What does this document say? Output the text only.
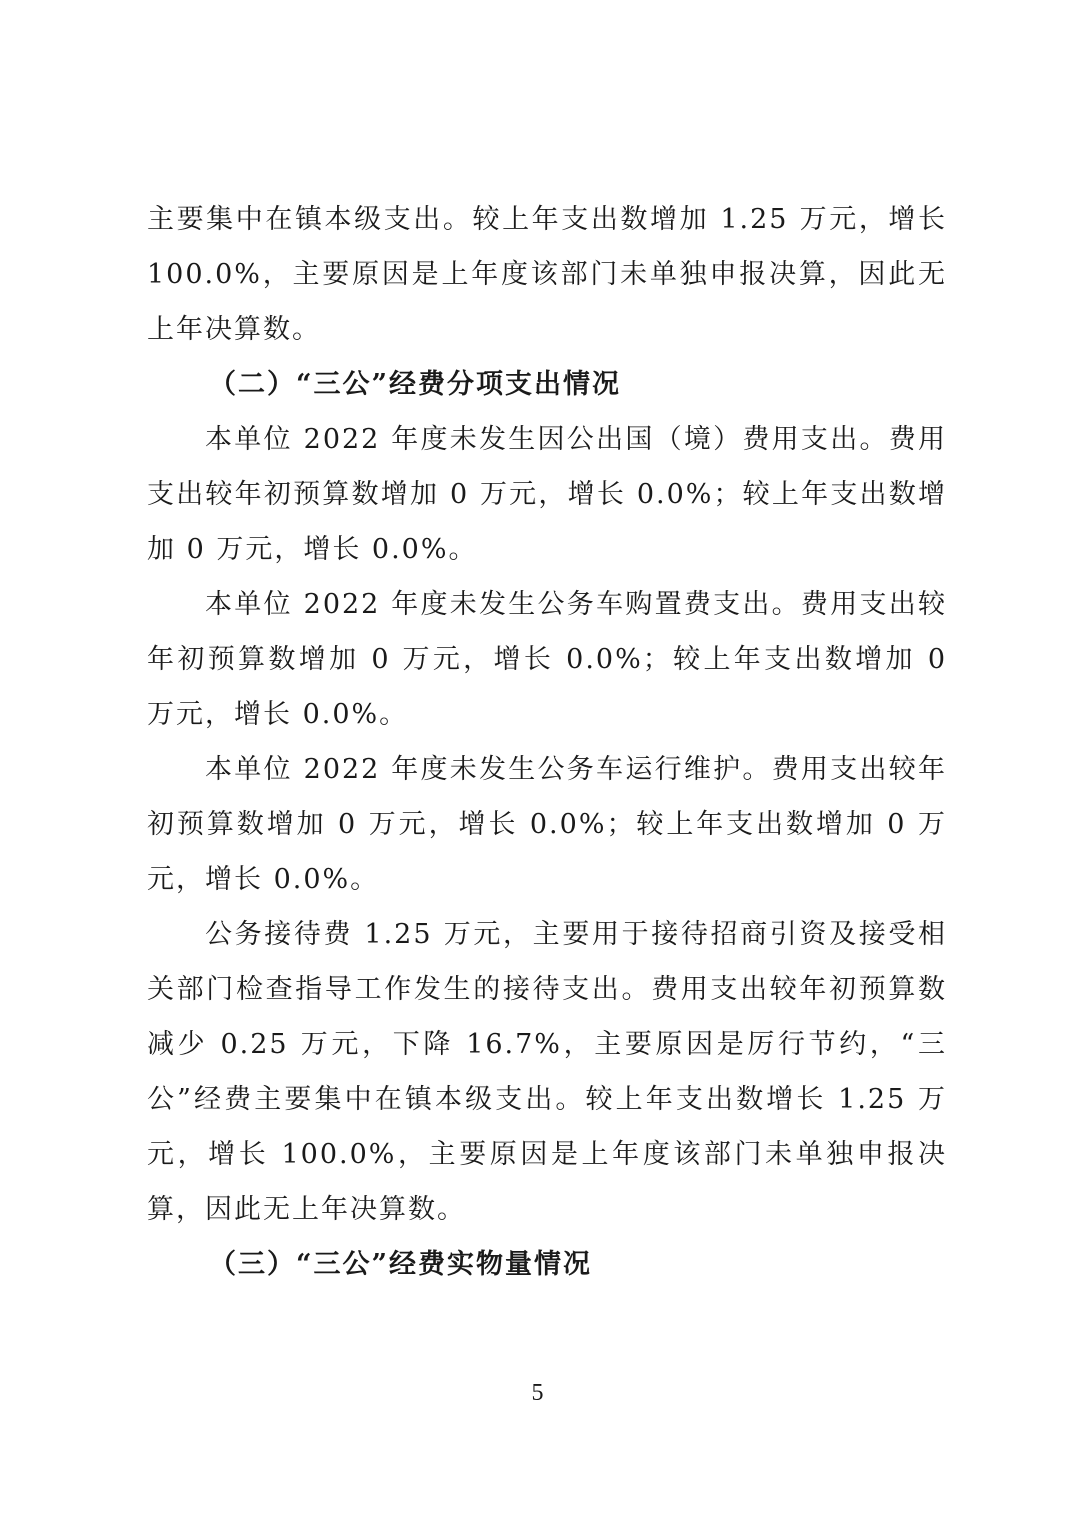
主要集中在镇本级支出。较上年支出数增加 1.25 万元，增长 100.0%，主要原因是上年度该部门未单独申报决算，因此无上年决算数。

（二）“三公”经费分项支出情况

本单位 2022 年度未发生因公出国（境）费用支出。费用支出较年初预算数增加 0 万元，增长 0.0%；较上年支出数增加 0 万元，增长 0.0%。

本单位 2022 年度未发生公务车购置费支出。费用支出较年初预算数增加 0 万元，增长 0.0%；较上年支出数增加 0 万元，增长 0.0%。

本单位 2022 年度未发生公务车运行维护。费用支出较年初预算数增加 0 万元，增长 0.0%；较上年支出数增加 0 万元，增长 0.0%。

公务接待费 1.25 万元，主要用于接待招商引资及接受相关部门检查指导工作发生的接待支出。费用支出较年初预算数减少 0.25 万元，下降 16.7%，主要原因是厉行节约，“三公”经费主要集中在镇本级支出。较上年支出数增长 1.25 万元，增长 100.0%，主要原因是上年度该部门未单独申报决算，因此无上年决算数。

（三）“三公”经费实物量情况

5
